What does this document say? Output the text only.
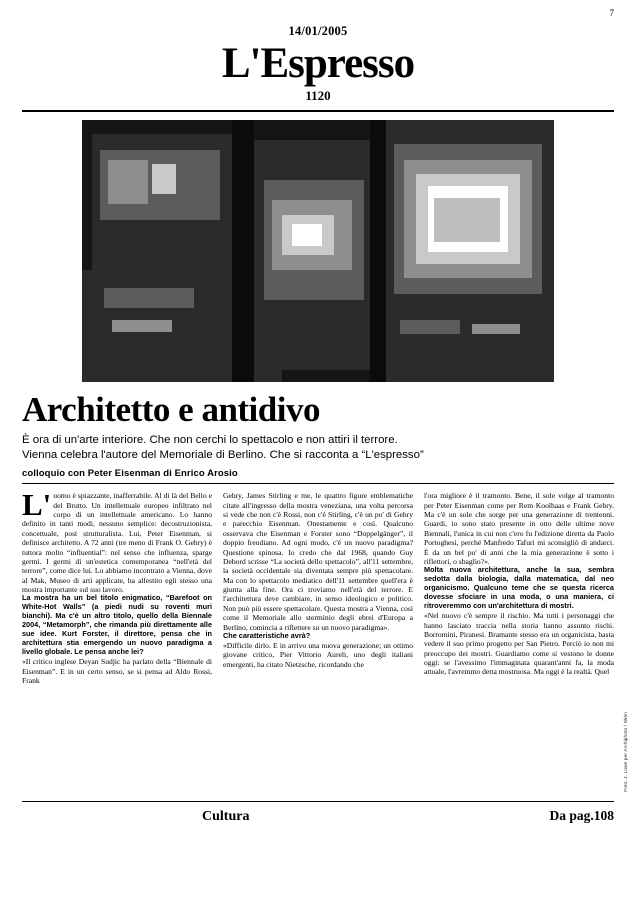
7
14/01/2005
L'Espresso
1120
Architetto e antidivo
È ora di un'arte interiore. Che non cerchi lo spettacolo e non attiri il terrore.
Vienna celebra l'autore del Memoriale di Berlino. Che si racconta a “L'espresso”
colloquio con Peter Eisenman di Enrico Arosio

L'uomo è spiazzante, inafferrabile. Al di là del Bello e del Brutto. Un intellettuale europeo infiltrato nel corpo di un intellettuale americano. Lo hanno definito in tanti modi, nessuno semplice: decostruzionista, concettuale, post strutturalista. Lui, Peter Eisenman, si definisce architetto. A 72 anni (tre meno di Frank O. Gehry) è tuttora molto “influential”: nel senso che influenza, sparge germi. I germi di un'estetica contemporanea “nell'età del terrore”, come dice lui. Lo abbiamo incontrato a Vienna, dove al Mak, Museo di arti applicate, ha allestito egli stesso una mostra importante sul suo lavoro.

La mostra ha un bel titolo enigmatico, “Barefoot on White-Hot Walls” (a piedi nudi su roventi muri bianchi). Ma c'è un altro titolo, quello della Biennale 2004, “Metamorph”, che rimanda più direttamente alle sue idee. Kurt Forster, il direttore, pensa che in architettura stia emergendo un nuovo paradigma a livello globale. Le pensa anche lei?

«Il critico inglese Deyan Sudjic ha parlato della “Biennale di Eisenman”. E in un certo senso, se si pensa ad Aldo Rossi, Frank

Gehry, James Stirling e me, le quattro figure emblematiche citate all'ingresso della mostra veneziana, una volta percorsa si vede che non c'è Rossi, non c'è Stirling, c'è un po' di Gehry e parecchio Eisenman. Onestamente e così. Qualcuno osservava che Eisenman e Forster sono “Doppelgänger”, il doppio freudiano. Ad ogni modo, c'è un nuovo paradigma? Questione spinosa. Io credo che dal 1968, quando Guy Debord scrisse “La società dello spettacolo”, all'11 settembre, la società occidentale sia diventata sempre più spettacolare. Ma con lo spettacolo mediatico dell'11 settembre quell'era è giunta alla fine. Ora ci troviamo nell'età del terrore. E l'architettura deve cambiare, in senso ideologico e politico. Non può più essere spettacolare. Questa mostra a Vienna, così come il Memoriale allo sterminio degli ebrei d'Europa a Berlino, comincia a riflettere su un nuovo paradigma».

Che caratteristiche avrà?

«Difficile dirlo. E in arrivo una nuova generazione; un ottimo giovane critico, Pier Vittorio Aureli, uno degli italiani emergenti, ha citato Nietzsche, ricordando che

l'ora migliore è il tramonto. Bene, il sole volge al tramonto per Peter Eisenman come per Rem Koolhaas e Frank Gehry. Ma c'è un sole che sorge per una generazione di trentenni. Guardi, io sono stato presente in otto delle ultime nove Biennali, l'unica in cui non c'ero fu l'edizione diretta da Paolo Portoghesi, perché Manfredo Tafuri mi sconsigliò di andarci. È da un bel po' di anni che la mia generazione è sotto i riflettori, o sbaglio?».

Molta nuova architettura, anche la sua, sembra sedotta dalla biologia, dalla matematica, dal neo organicismo. Qualcuno teme che se questa ricerca dovesse sfociare in una moda, o una maniera, ci ritroveremmo con un'architettura di mostri.

«Nel nuovo c'è sempre il rischio. Ma tutti i personaggi che hanno lasciato traccia nella storia hanno assunto rischi. Borromini, Piranesi. Bramante stesso era un organicista, basta vedere il suo primo progetto per San Pietro. Perciò io non mi preoccupo dei mostri. Guardiamo come si vestono le donne oggi: se l'avessimo l'immaginata quarant'anni fa, la moda attuale, l'avremmo detta mostruosa. Ma oggi è la realtà. Quel

Foto: J. Lowe per Archiphoto / Wien
Cultura	Da pag.108
